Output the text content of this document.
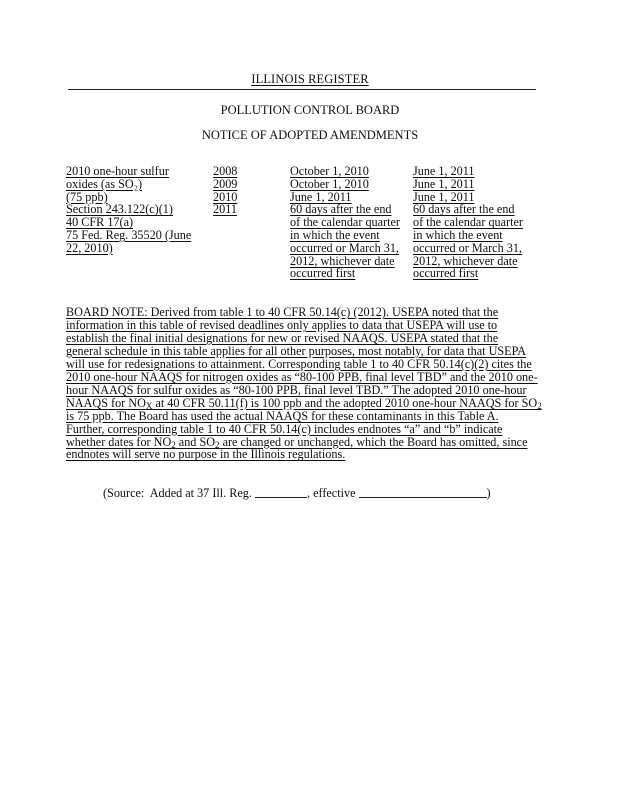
ILLINOIS REGISTER
POLLUTION CONTROL BOARD
NOTICE OF ADOPTED AMENDMENTS
2010 one-hour sulfur
oxides (as SO₂)
(75 ppb)
Section 243.122(c)(1)
40 CFR 17(a)
75 Fed. Reg. 35520 (June
22, 2010)
2008
2009
2010
2011
October 1, 2010
October 1, 2010
June 1, 2011
60 days after the end
of the calendar quarter
in which the event
occurred or March 31,
2012, whichever date
occurred first
June 1, 2011
June 1, 2011
June 1, 2011
60 days after the end
of the calendar quarter
in which the event
occurred or March 31,
2012, whichever date
occurred first
BOARD NOTE: Derived from table 1 to 40 CFR 50.14(c) (2012). USEPA noted that the
information in this table of revised deadlines only applies to data that USEPA will use to
establish the final initial designations for new or revised NAAQS. USEPA stated that the
general schedule in this table applies for all other purposes, most notably, for data that USEPA
will use for redesignations to attainment. Corresponding table 1 to 40 CFR 50.14(c)(2) cites the
2010 one-hour NAAQS for nitrogen oxides as “80-100 PPB, final level TBD” and the 2010 one-
hour NAAQS for sulfur oxides as “80-100 PPB, final level TBD.” The adopted 2010 one-hour
NAAQS for $NO_X$ at 40 CFR 50.11(f) is 100 ppb and the adopted 2010 one-hour NAAQS for $SO_2$
is 75 ppb. The Board has used the actual NAAQS for these contaminants in this Table A.
Further, corresponding table 1 to 40 CFR 50.14(c) includes endnotes “a” and “b” indicate
whether dates for $NO_2$ and $SO_2$ are changed or unchanged, which the Board has omitted, since
endnotes will serve no purpose in the Illinois regulations.
(Source:  Added at 37 Ill. Reg.	, effective	)
